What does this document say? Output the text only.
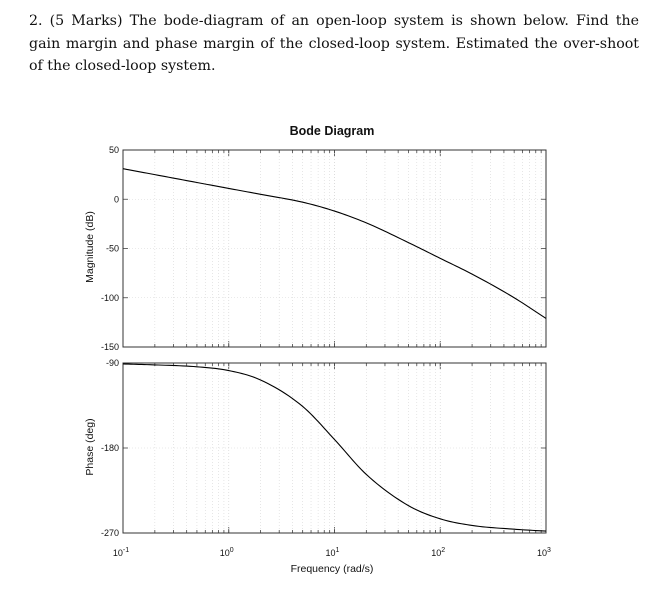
2. (5 Marks) The bode-diagram of an open-loop system is shown below. Find the gain margin and phase margin of the closed-loop system. Estimated the over-shoot of the closed-loop system.
Bode Diagram
50
0
-50
-100
-150
-90
-180
-270
$10^{-1}$	$10^0$	$10^1$	$10^2$	$10^3$
Frequency (rad/s)
Magnitude (dB)
Phase (deg)
